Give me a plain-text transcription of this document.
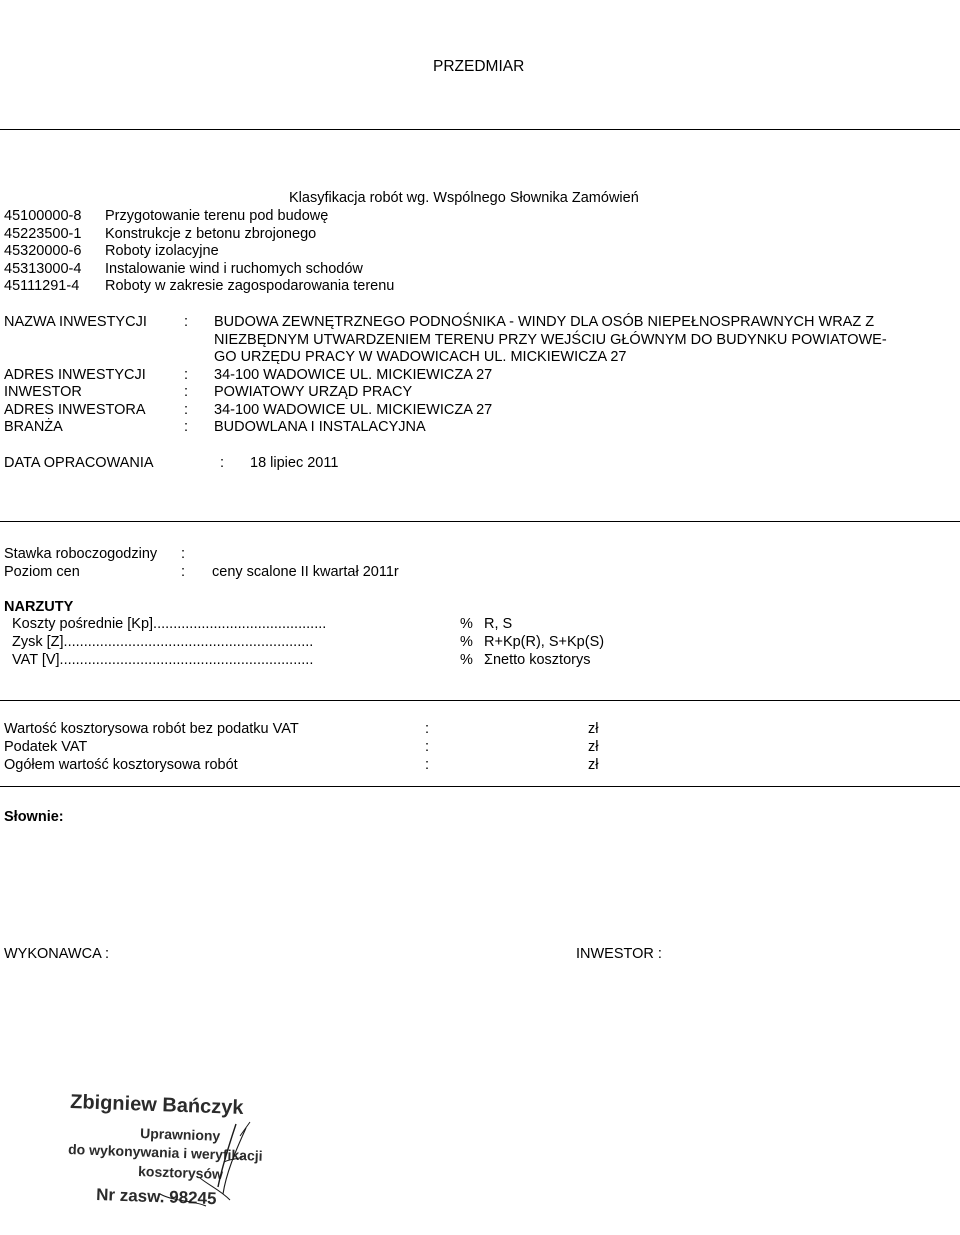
PRZEDMIAR
Klasyfikacja robót wg. Wspólnego Słownika Zamówień
45100000-8 Przygotowanie terenu pod budowę
45223500-1 Konstrukcje z betonu zbrojonego
45320000-6 Roboty izolacyjne
45313000-4 Instalowanie wind i ruchomych schodów
45111291-4 Roboty w zakresie zagospodarowania terenu
NAZWA INWESTYCJI	: BUDOWA ZEWNĘTRZNEGO PODNOŚNIKA - WINDY DLA OSÓB NIEPEŁNOSPRAWNYCH WRAZ Z
NIEZBĘDNYM UTWARDZENIEM TERENU PRZY WEJŚCIU GŁÓWNYM DO BUDYNKU POWIATOWE-
GO URZĘDU PRACY W WADOWICACH UL. MICKIEWICZA 27
ADRES INWESTYCJI	: 34-100 WADOWICE UL. MICKIEWICZA 27
INWESTOR	: POWIATOWY URZĄD PRACY
ADRES INWESTORA	: 34-100 WADOWICE UL. MICKIEWICZA 27
BRANŻA	: BUDOWLANA I INSTALACYJNA
DATA OPRACOWANIA	: 18 lipiec 2011
Stawka roboczogodziny :
Poziom cen	: ceny scalone II kwartał 2011r
NARZUTY
Koszty pośrednie [Kp]...........................................	% R, S
Zysk [Z]..............................................................	% R+Kp(R), S+Kp(S)
VAT [V]...............................................................	% Σnetto kosztorys
Wartość kosztorysowa robót bez podatku VAT	:	zł
Podatek VAT	:	zł
Ogółem wartość kosztorysowa robót	:	zł
Słownie:
WYKONAWCA :	INWESTOR :
Zbigniew Bańczyk
Uprawniony
do wykonywania i weryfikacji
kosztorysów
Nr zasw. 98245
